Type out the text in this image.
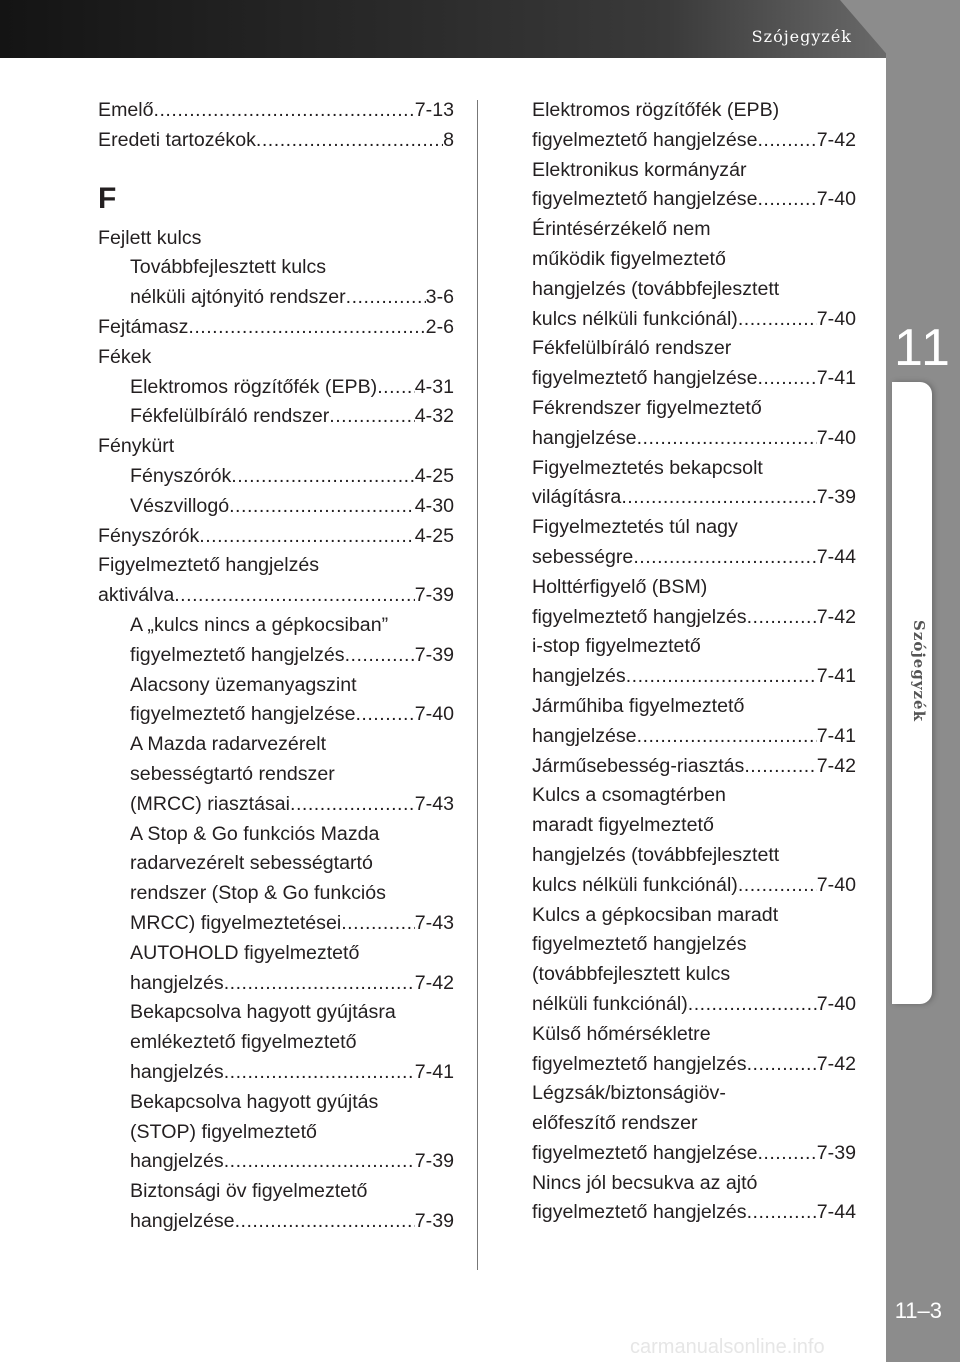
Szójegyzék
11
Szójegyzék
11–3
carmanualsonline.info
Emelő .....	7-13
Eredeti tartozékok .....	8
F
Fejlett kulcs
Továbbfejlesztett kulcs
nélküli ajtónyitó rendszer .....	3-6
Fejtámasz .....	2-6
Fékek
Elektromos rögzítőfék (EPB) ..... 4-31
Fékfelülbíráló rendszer .....	4-32
Fénykürt
Fényszórók .....	4-25
Vészvillogó .....	4-30
Fényszórók .....	4-25
Figyelmeztető hangjelzés
aktiválva .....	7-39
A „kulcs nincs a gépkocsiban”
figyelmeztető hangjelzés .....	7-39
Alacsony üzemanyagszint
figyelmeztető hangjelzése .....	7-40
A Mazda radarvezérelt
sebességtartó rendszer
(MRCC) riasztásai .....	7-43
A Stop & Go funkciós Mazda
radarvezérelt sebességtartó
rendszer (Stop & Go funkciós
MRCC) figyelmeztetései .....	7-43
AUTOHOLD figyelmeztető
hangjelzés .....	7-42
Bekapcsolva hagyott gyújtásra
emlékeztető figyelmeztető
hangjelzés .....	7-41
Bekapcsolva hagyott gyújtás
(STOP) figyelmeztető
hangjelzés .....	7-39
Biztonsági öv figyelmeztető
hangjelzése .....	7-39
Elektromos rögzítőfék (EPB)
figyelmeztető hangjelzése .....	7-42
Elektronikus kormányzár
figyelmeztető hangjelzése .....	7-40
Érintésérzékelő nem
működik figyelmeztető
hangjelzés (továbbfejlesztett
kulcs nélküli funkciónál) .....	7-40
Fékfelülbíráló rendszer
figyelmeztető hangjelzése .....	7-41
Fékrendszer figyelmeztető
hangjelzése .....	7-40
Figyelmeztetés bekapcsolt
világításra .....	7-39
Figyelmeztetés túl nagy
sebességre .....	7-44
Holttérfigyelő (BSM)
figyelmeztető hangjelzés .....	7-42
i-stop figyelmeztető
hangjelzés .....	7-41
Járműhiba figyelmeztető
hangjelzése .....	7-41
Járműsebesség-riasztás .....	7-42
Kulcs a csomagtérben
maradt figyelmeztető
hangjelzés (továbbfejlesztett
kulcs nélküli funkciónál) .....	7-40
Kulcs a gépkocsiban maradt
figyelmeztető hangjelzés
(továbbfejlesztett kulcs
nélküli funkciónál) .....	7-40
Külső hőmérsékletre
figyelmeztető hangjelzés .....	7-42
Légzsák/biztonságiöv-
előfeszítő rendszer
figyelmeztető hangjelzése .....	7-39
Nincs jól becsukva az ajtó
figyelmeztető hangjelzés .....	7-44
